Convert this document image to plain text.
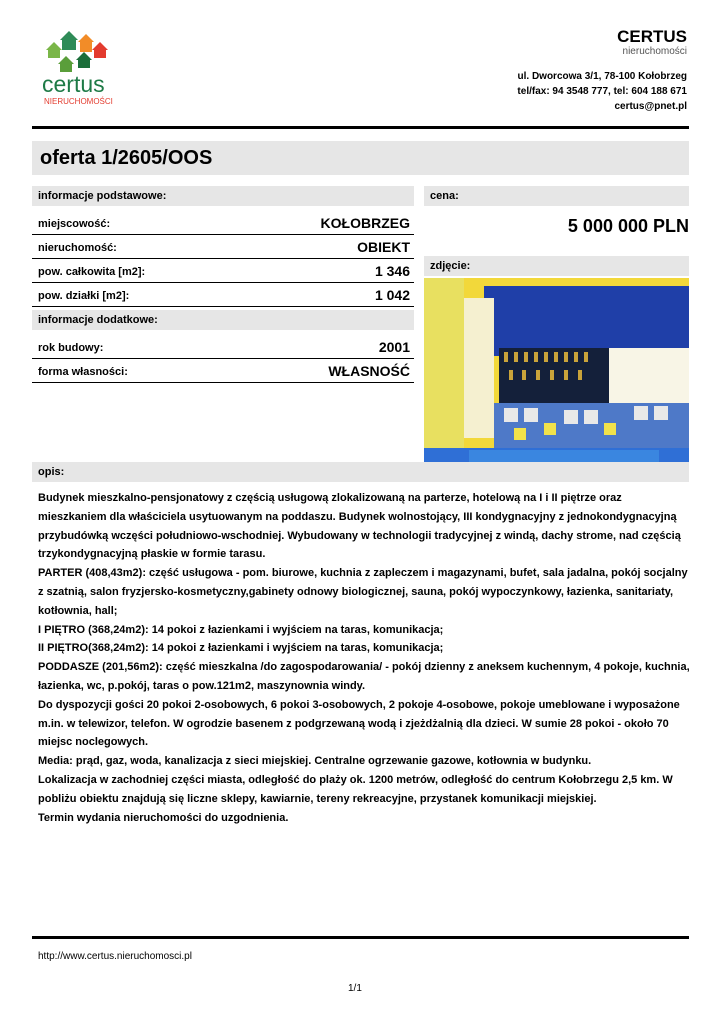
certus
NIERUCHOMOŚCI
CERTUS
nieruchomości
ul. Dworcowa 3/1, 78-100 Kołobrzeg
tel/fax: 94 3548 777, tel: 604 188 671
certus@pnet.pl
oferta 1/2605/OOS
informacje podstawowe:
miejscowość:	KOŁOBRZEG
nieruchomość:	OBIEKT
pow. całkowita [m2]:	1 346
pow. działki [m2]:	1 042
informacje dodatkowe:
rok budowy:	2001
forma własności:	WŁASNOŚĆ
cena:
5 000 000 PLN
zdjęcie:
opis:

Budynek mieszkalno-pensjonatowy z częścią usługową zlokalizowaną na parterze, hotelową na I i II piętrze oraz mieszkaniem dla właściciela usytuowanym na poddaszu. Budynek wolnostojący, III kondygnacyjny z jednokondygnacyjną przybudówką wczęści południowo-wschodniej. Wybudowany w technologii tradycyjnej z windą, dachy strome, nad częścią trzykondygnacyjną płaskie w formie tarasu.

PARTER (408,43m2): część usługowa - pom. biurowe, kuchnia z zapleczem i magazynami, bufet, sala jadalna, pokój socjalny z szatnią, salon fryzjersko-kosmetyczny,gabinety odnowy biologicznej, sauna, pokój wypoczynkowy, łazienka, sanitariaty, kotłownia, hall;

I PIĘTRO (368,24m2): 14 pokoi z łazienkami i wyjściem na taras, komunikacja;

II PIĘTRO(368,24m2): 14 pokoi z łazienkami i wyjściem na taras, komunikacja;

PODDASZE (201,56m2): część mieszkalna /do zagospodarowania/ - pokój dzienny z aneksem kuchennym, 4 pokoje, kuchnia, łazienka, wc, p.pokój, taras o pow.121m2, maszynownia windy.

Do dyspozycji gości 20 pokoi 2-osobowych, 6 pokoi 3-osobowych, 2 pokoje 4-osobowe, pokoje umeblowane i wyposażone m.in. w telewizor, telefon. W ogrodzie basenem z podgrzewaną wodą i zjeżdżalnią dla dzieci. W sumie 28 pokoi - około 70 miejsc noclegowych.

Media: prąd, gaz, woda, kanalizacja z sieci miejskiej. Centralne ogrzewanie gazowe, kotłownia w budynku.

Lokalizacja w zachodniej części miasta, odległość do plaży ok. 1200 metrów, odległość do centrum Kołobrzegu 2,5 km. W pobliżu obiektu znajdują się liczne sklepy, kawiarnie, tereny rekreacyjne, przystanek komunikacji miejskiej.

Termin wydania nieruchomości do uzgodnienia.

http://www.certus.nieruchomosci.pl
1/1
